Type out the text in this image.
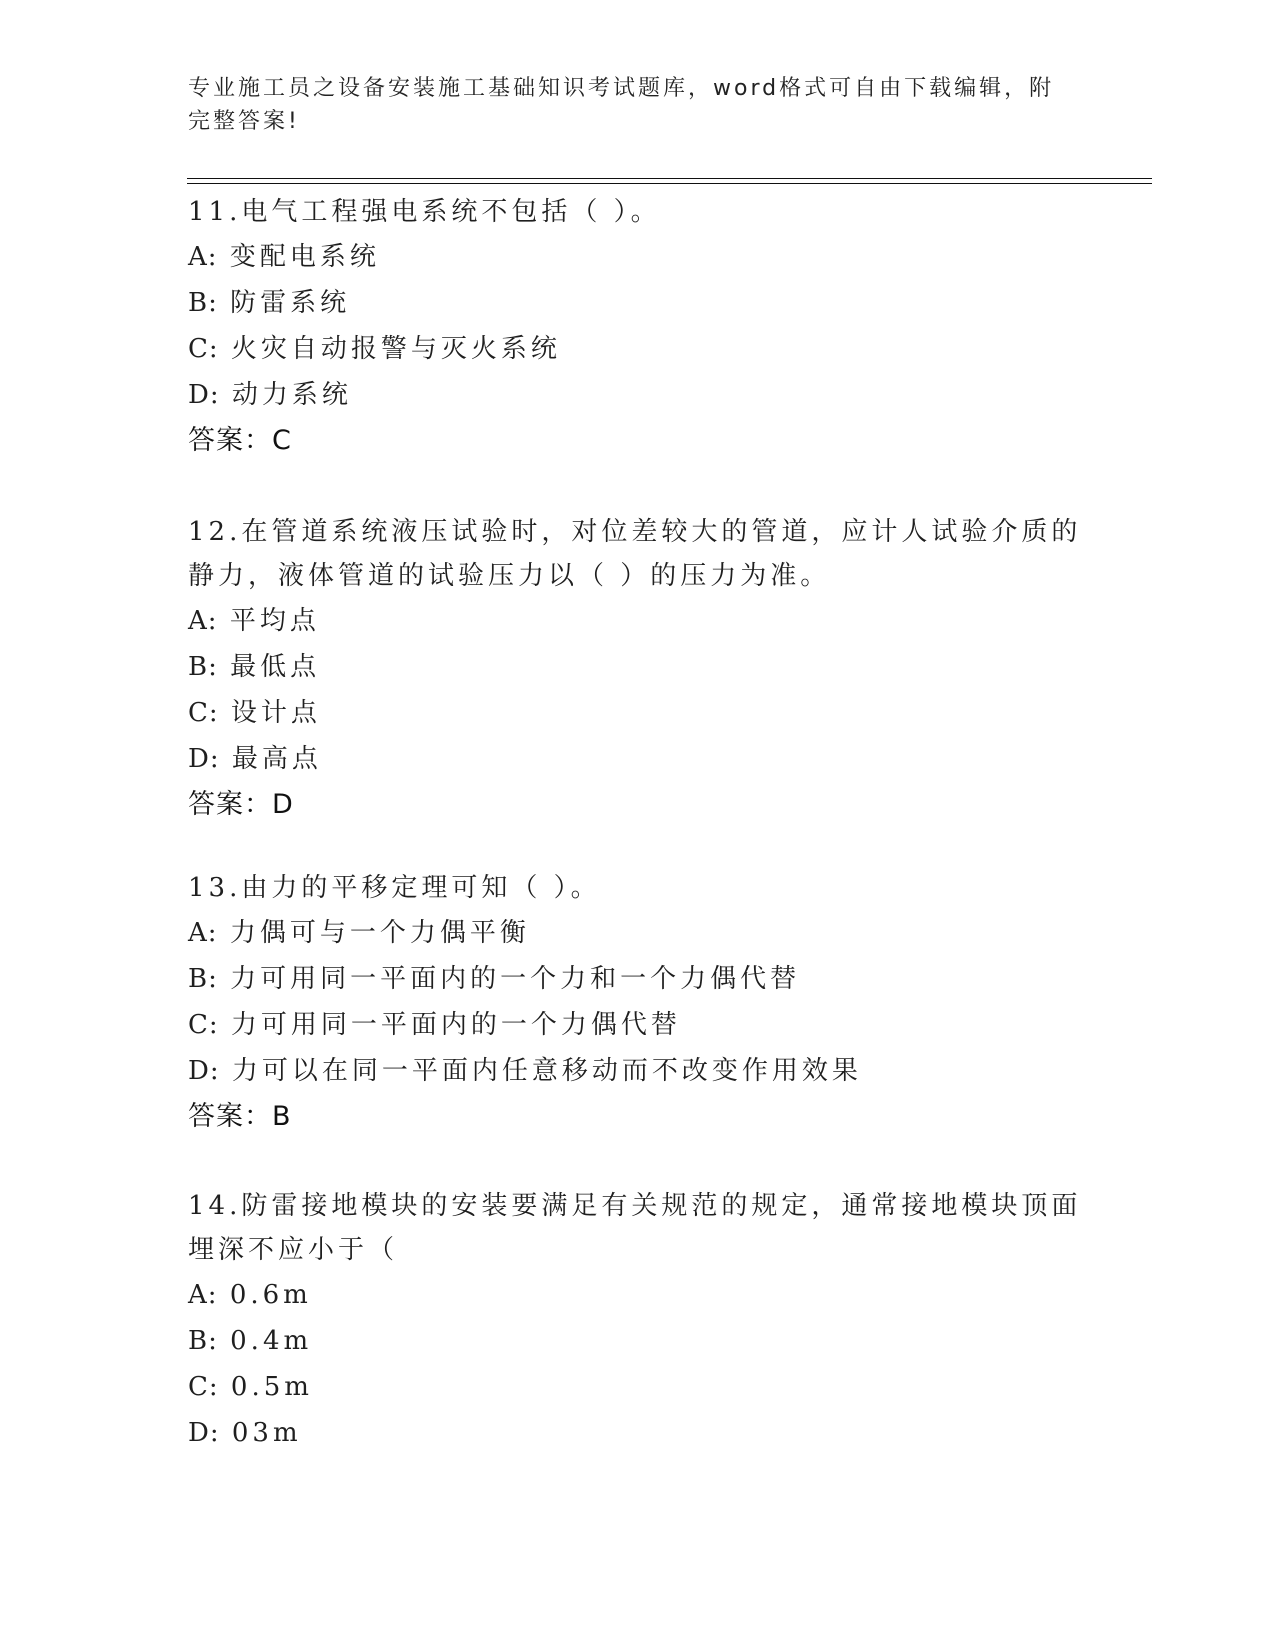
专业施工员之设备安装施工基础知识考试题库，word格式可自由下载编辑，附完整答案!

11.电气工程强电系统不包括（ ）。

A: 变配电系统
B: 防雷系统
C: 火灾自动报警与灭火系统
D: 动力系统
答案：C

12.在管道系统液压试验时，对位差较大的管道，应计人试验介质的静力，液体管道的试验压力以（ ）的压力为准。

A: 平均点
B: 最低点
C: 设计点
D: 最高点
答案：D

13.由力的平移定理可知（ ）。

A: 力偶可与一个力偶平衡
B: 力可用同一平面内的一个力和一个力偶代替
C: 力可用同一平面内的一个力偶代替
D: 力可以在同一平面内任意移动而不改变作用效果
答案：B

14.防雷接地模块的安装要满足有关规范的规定，通常接地模块顶面埋深不应小于（

A: 0.6m
B: 0.4m
C: 0.5m
D: 03m
